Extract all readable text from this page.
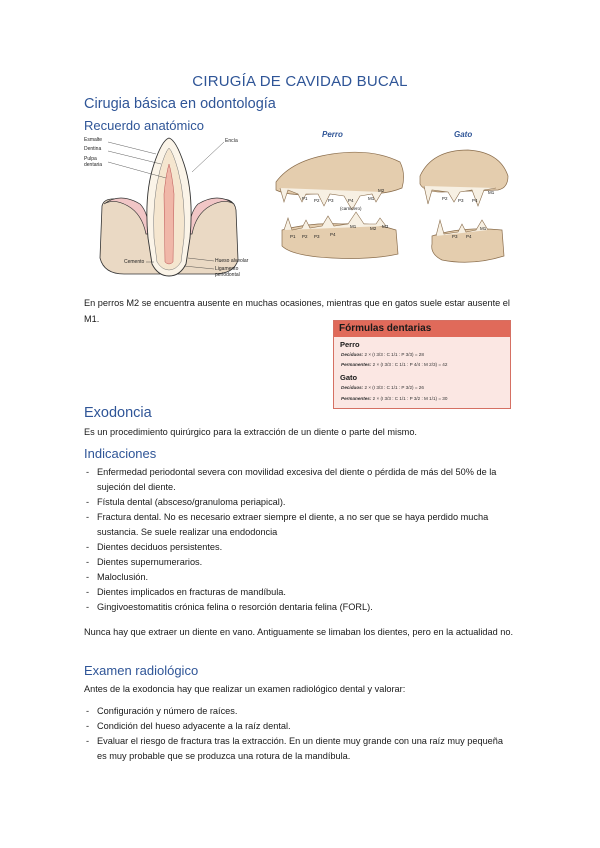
CIRUGÍA DE CAVIDAD BUCAL
Cirugia básica en odontología
Recuerdo anatómico
Esmalte
Dentina
Pulpa dentaria
Encía
Cemento	Hueso alveolar
Ligamento periodontal
Perro	Gato
P1 P2 P3	P4	M1
M2
(carnicero)
P1 P2 P3 P4
M1	M2 M3
P2 P3 P4
M1
P3 P4
M1
En perros M2 se encuentra ausente en muchas ocasiones, mientras que en gatos suele estar ausente el M1.
Fórmulas dentarias
Perro
Deciduos: 2 × (I 3/3 : C 1/1 : P 3/3) = 28
Permanentes: 2 × (I 3/3 : C 1/1 : P 4/4 : M 2/3) = 42
Gato
Deciduos: 2 × (I 3/3 : C 1/1 : P 3/2) = 26
Permanentes: 2 × (I 3/3 : C 1/1 : P 3/2 : M 1/1) = 30
Exodoncia
Es un procedimiento quirúrgico para la extracción de un diente o parte del mismo.
Indicaciones
- Enfermedad periodontal severa con movilidad excesiva del diente o pérdida de más del 50% de la sujeción del diente.
- Fístula dental (absceso/granuloma periapical).
- Fractura dental. No es necesario extraer siempre el diente, a no ser que se haya perdido mucha sustancia. Se suele realizar una endodoncia
- Dientes deciduos persistentes.
- Dientes supernumerarios.
- Maloclusión.
- Dientes implicados en fracturas de mandíbula.
- Gingivoestomatitis crónica felina o resorción dentaria felina (FORL).
Nunca hay que extraer un diente en vano. Antiguamente se limaban los dientes, pero en la actualidad no.
Examen radiológico
Antes de la exodoncia hay que realizar un examen radiológico dental y valorar:
- Configuración y número de raíces.
- Condición del hueso adyacente a la raíz dental.
- Evaluar el riesgo de fractura tras la extracción. En un diente muy grande con una raíz muy pequeña es muy probable que se produzca una rotura de la mandíbula.
